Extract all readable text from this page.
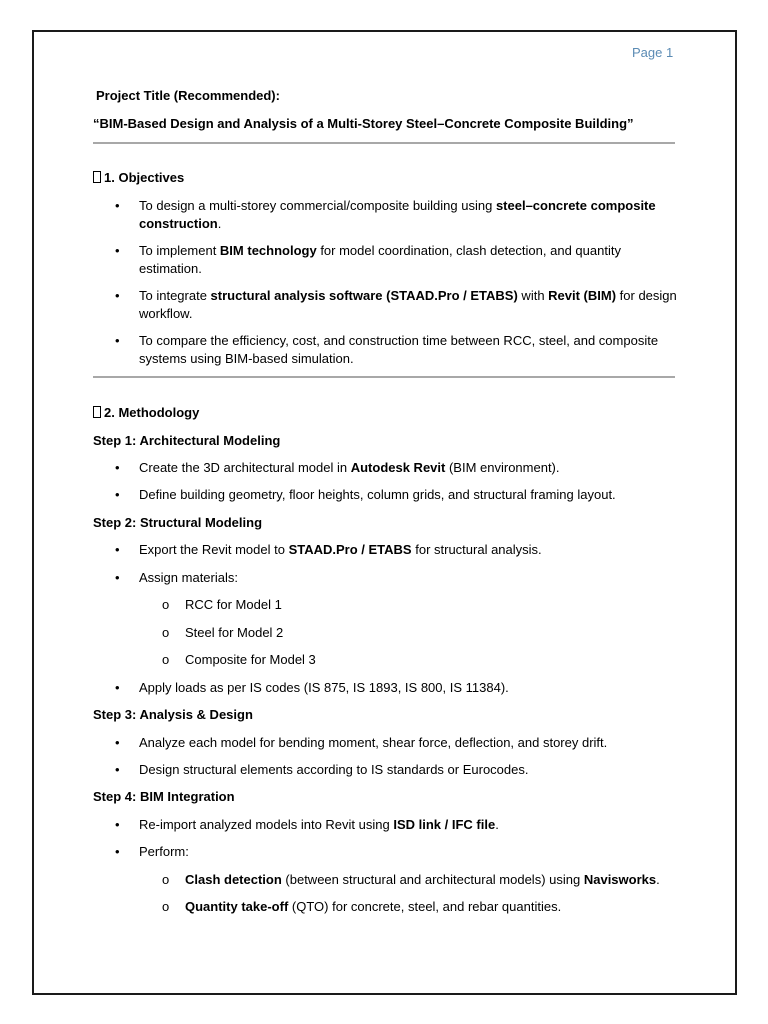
Page 1
Project Title (Recommended):
“BIM-Based Design and Analysis of a Multi-Storey Steel–Concrete Composite Building”
1. Objectives
• To design a multi-storey commercial/composite building using steel–concrete composite
construction.
• To implement BIM technology for model coordination, clash detection, and quantity
estimation.
• To integrate structural analysis software (STAAD.Pro / ETABS) with Revit (BIM) for design
workflow.
• To compare the efficiency, cost, and construction time between RCC, steel, and composite
systems using BIM-based simulation.
2. Methodology
Step 1: Architectural Modeling
• Create the 3D architectural model in Autodesk Revit (BIM environment).
• Define building geometry, floor heights, column grids, and structural framing layout.
Step 2: Structural Modeling
• Export the Revit model to STAAD.Pro / ETABS for structural analysis.
• Assign materials:
o RCC for Model 1
o Steel for Model 2
o Composite for Model 3
• Apply loads as per IS codes (IS 875, IS 1893, IS 800, IS 11384).
Step 3: Analysis & Design
• Analyze each model for bending moment, shear force, deflection, and storey drift.
• Design structural elements according to IS standards or Eurocodes.
Step 4: BIM Integration
• Re-import analyzed models into Revit using ISD link / IFC file.
• Perform:
o Clash detection (between structural and architectural models) using Navisworks.
o Quantity take-off (QTO) for concrete, steel, and rebar quantities.
